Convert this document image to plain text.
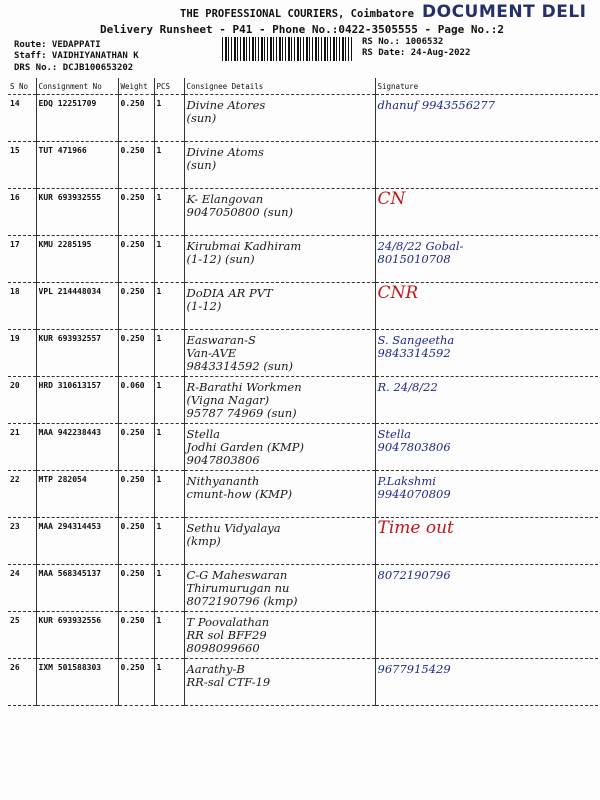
THE PROFESSIONAL COURIERS, Coimbatore DOCUMENT DELI
Delivery Runsheet - P41 - Phone No.:0422-3505555 - Page No.:2
Route: VEDAPPATI
Staff: VAIDHIYANATHAN K
DRS No.: DCJB100653202
RS No.: 1006532
RS Date: 24-Aug-2022
S No	Consignment No	Weight	PCS	Consignee Details	Signature

14	EDQ 12251709	0.250	1	Divine Atores
(sun)	dhanuf 9943556277

15	TUT 471966	0.250	1	Divine Atoms
(sun)	

16	KUR 693932555	0.250	1	K- Elangovan
9047050800 (sun)	CN

17	KMU 2285195	0.250	1	Kirubmai Kadhiram
(1-12) (sun)	24/8/22 Gobal-
8015010708

18	VPL 214448034	0.250	1	DoDIA AR PVT
(1-12)	CNR

19	KUR 693932557	0.250	1	Easwaran-S
Van-AVE
9843314592 (sun)	S. Sangeetha
9843314592

20	HRD 310613157	0.060	1	R-Barathi Workmen
(Vigna Nagar)
95787 74969 (sun)	R. 24/8/22

21	MAA 942238443	0.250	1	Stella
Jodhi Garden (KMP)
9047803806	Stella
9047803806

22	MTP 282054	0.250	1	Nithyananth
cmunt-how (KMP)	P.Lakshmi
9944070809

23	MAA 294314453	0.250	1	Sethu Vidyalaya
(kmp)	Time out

24	MAA 568345137	0.250	1	C-G Maheswaran
Thirumurugan nu
8072190796 (kmp)	8072190796

25	KUR 693932556	0.250	1	T Poovalathan
RR sol BFF29
8098099660	

26	IXM 501588303	0.250	1	Aarathy-B
RR-sal CTF-19	9677915429
